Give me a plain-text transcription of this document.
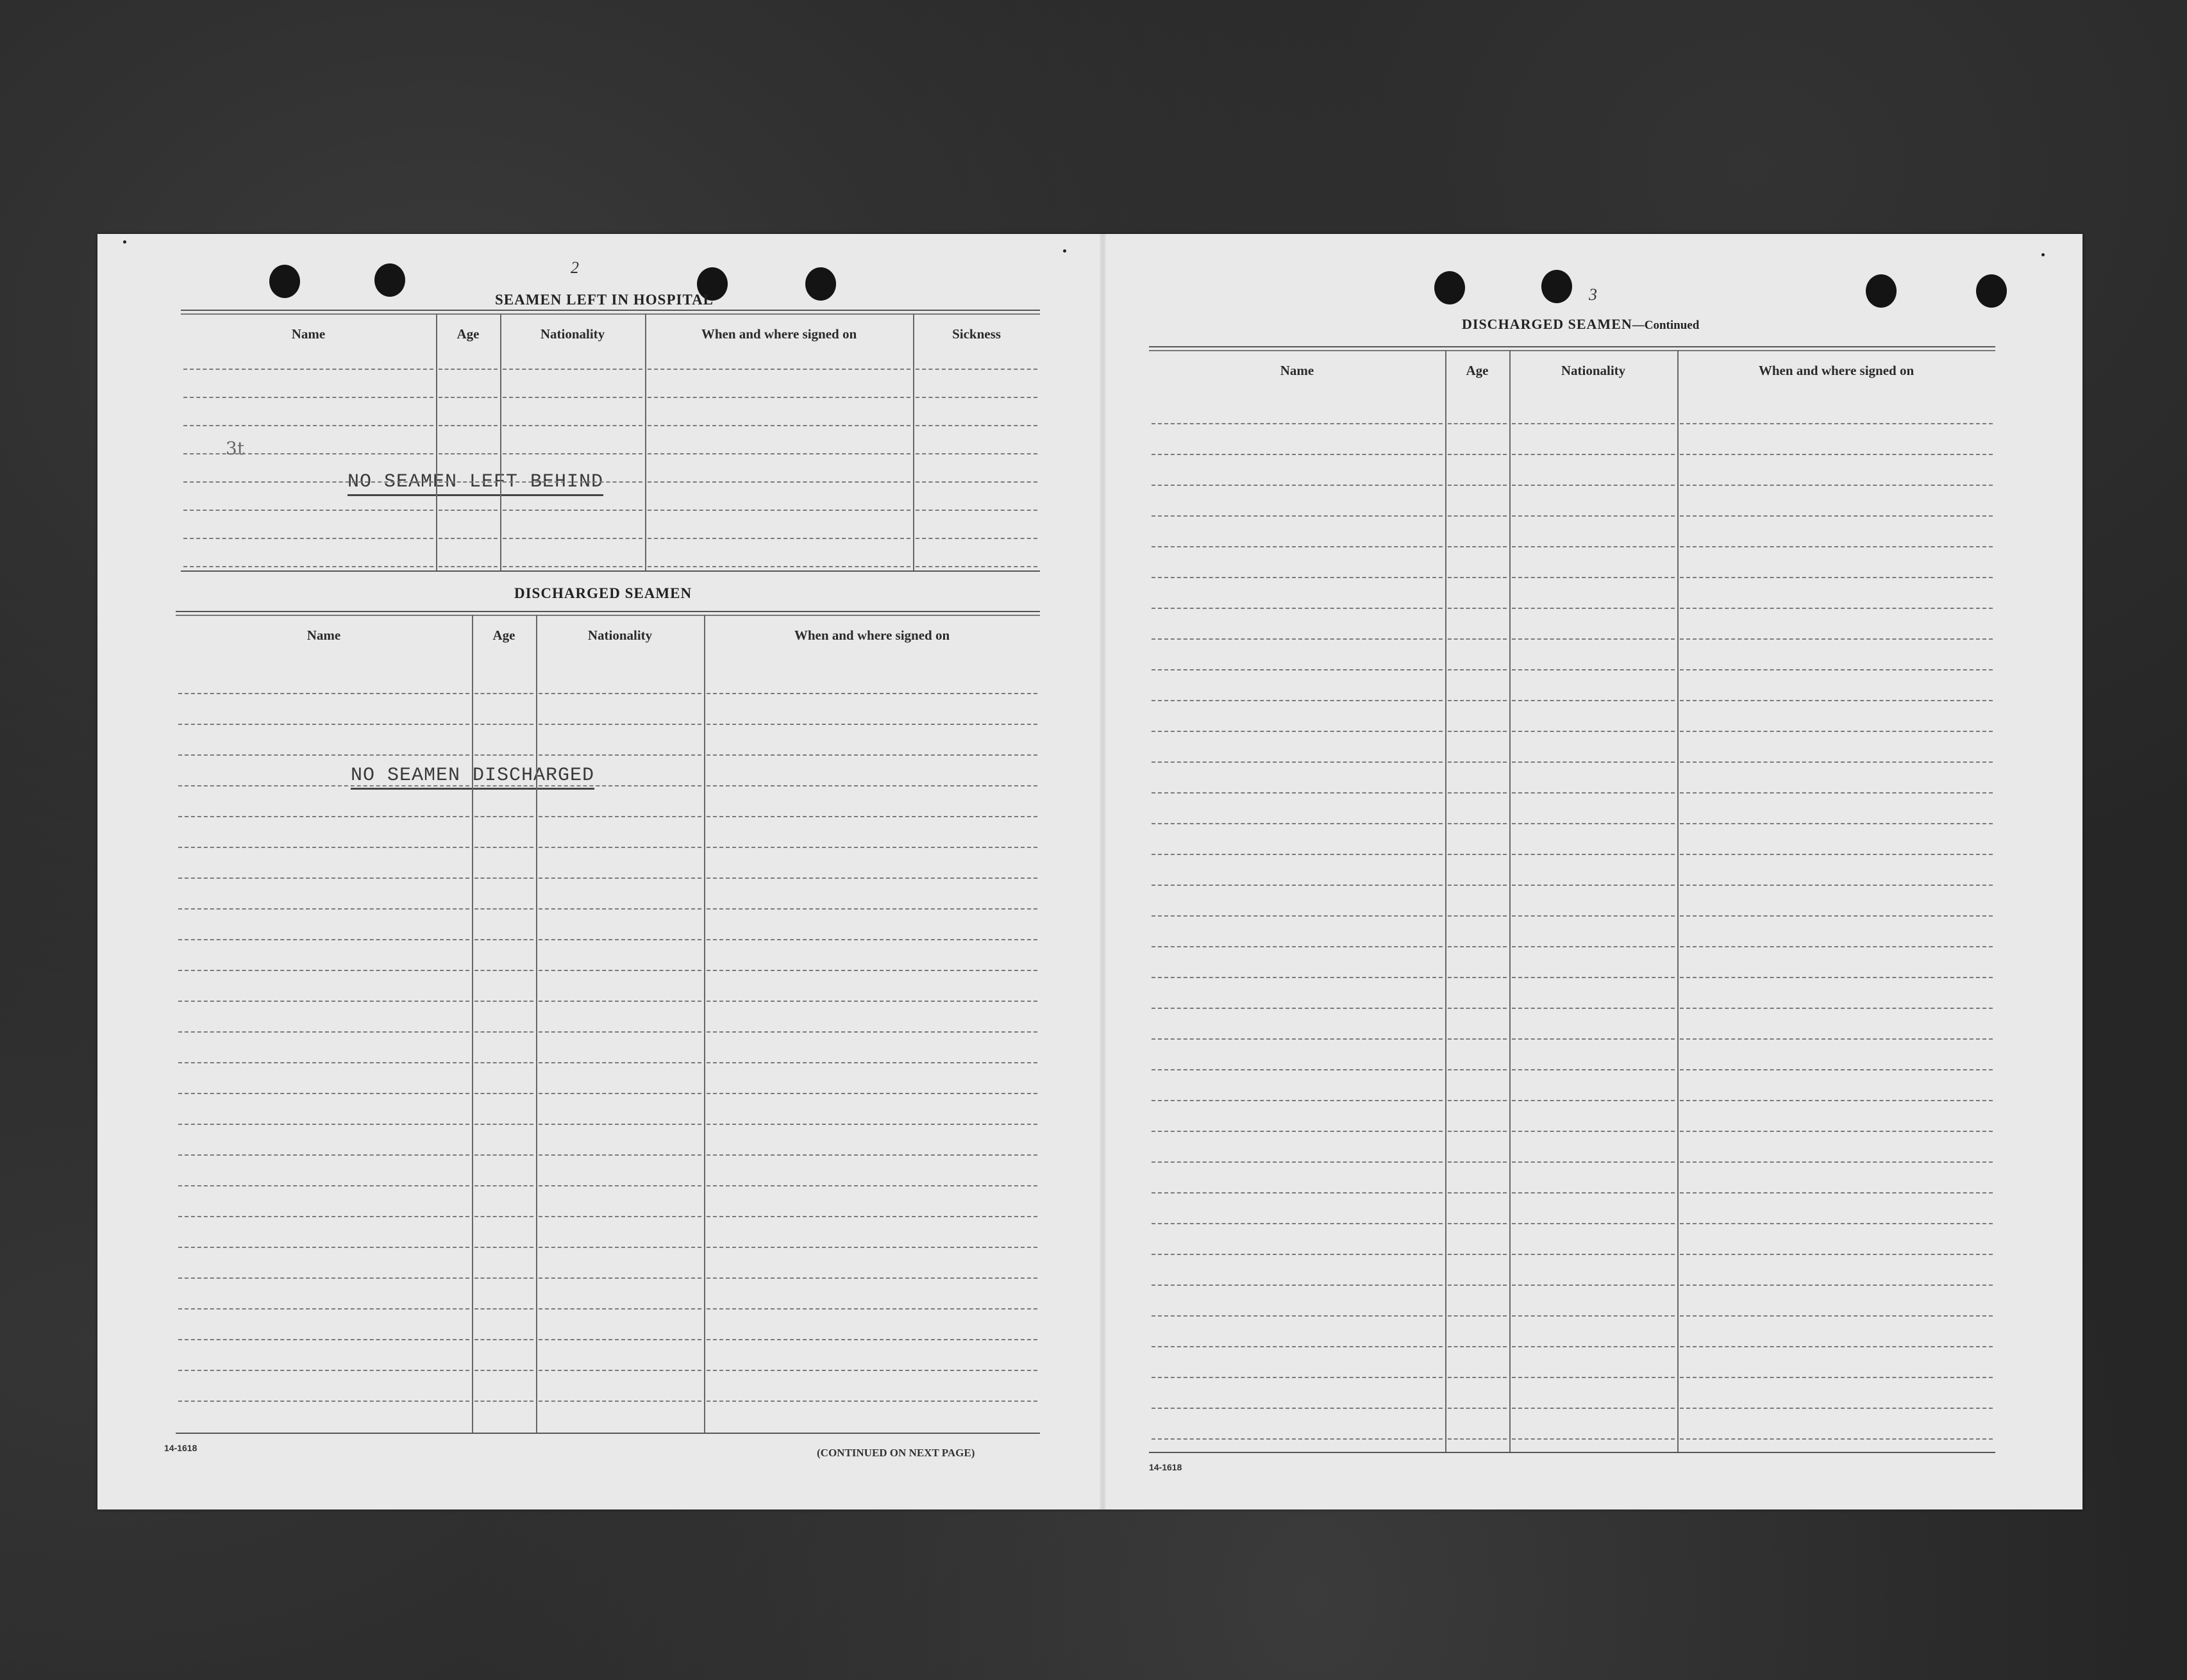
2
SEAMEN LEFT IN HOSPITAL
3t
NO SEAMEN LEFT BEHIND
DISCHARGED SEAMEN
NO SEAMEN DISCHARGED
14-1618	(CONTINUED ON NEXT PAGE)
3
DISCHARGED SEAMEN—Continued
14-1618
Name	Age	Nationality	When and where signed on	Sickness
Name	Age	Nationality	When and where signed on
Name	Age	Nationality	When and where signed on
